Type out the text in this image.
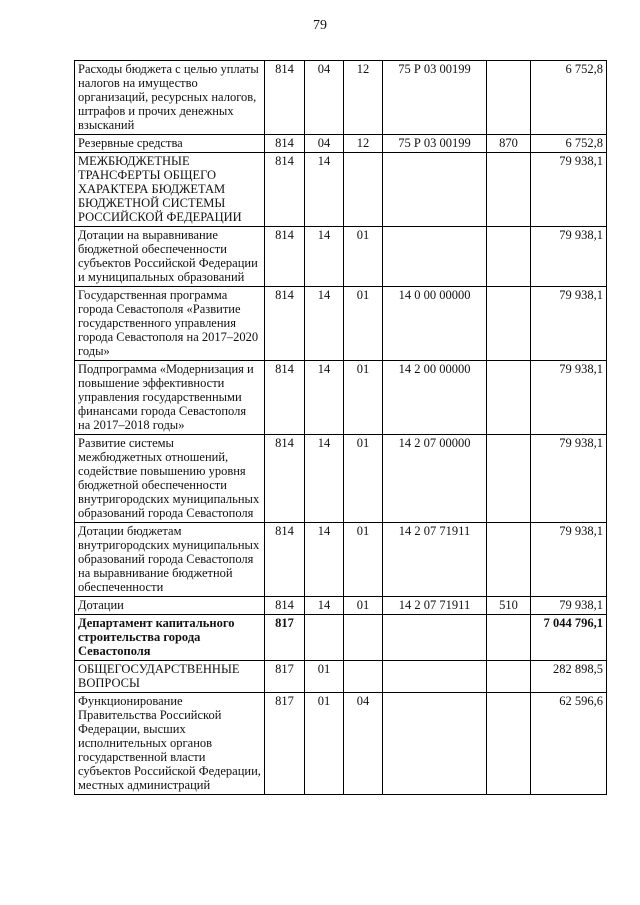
79
Расходы бюджета с целью уплаты налогов на имущество организаций, ресурсных налогов, штрафов и прочих денежных взысканий	814	04	12	75 Р 03 00199		6 752,8
Резервные средства	814	04	12	75 Р 03 00199	870	6 752,8
МЕЖБЮДЖЕТНЫЕ ТРАНСФЕРТЫ ОБЩЕГО ХАРАКТЕРА БЮДЖЕТАМ БЮДЖЕТНОЙ СИСТЕМЫ РОССИЙСКОЙ ФЕДЕРАЦИИ	814	14				79 938,1
Дотации на выравнивание бюджетной обеспеченности субъектов Российской Федерации и муниципальных образований	814	14	01			79 938,1
Государственная программа города Севастополя «Развитие государственного управления города Севастополя на 2017–2020 годы»	814	14	01	14 0 00 00000		79 938,1
Подпрограмма «Модернизация и повышение эффективности управления государственными финансами города Севастополя на 2017–2018 годы»	814	14	01	14 2 00 00000		79 938,1
Развитие системы межбюджетных отношений, содействие повышению уровня бюджетной обеспеченности внутригородских муниципальных образований города Севастополя	814	14	01	14 2 07 00000		79 938,1
Дотации бюджетам внутригородских муниципальных образований города Севастополя на выравнивание бюджетной обеспеченности	814	14	01	14 2 07 71911		79 938,1
Дотации	814	14	01	14 2 07 71911	510	79 938,1
Департамент капитального строительства города Севастополя	817					7 044 796,1
ОБЩЕГОСУДАРСТВЕННЫЕ ВОПРОСЫ	817	01				282 898,5
Функционирование Правительства Российской Федерации, высших исполнительных органов государственной власти субъектов Российской Федерации, местных администраций	817	01	04			62 596,6
